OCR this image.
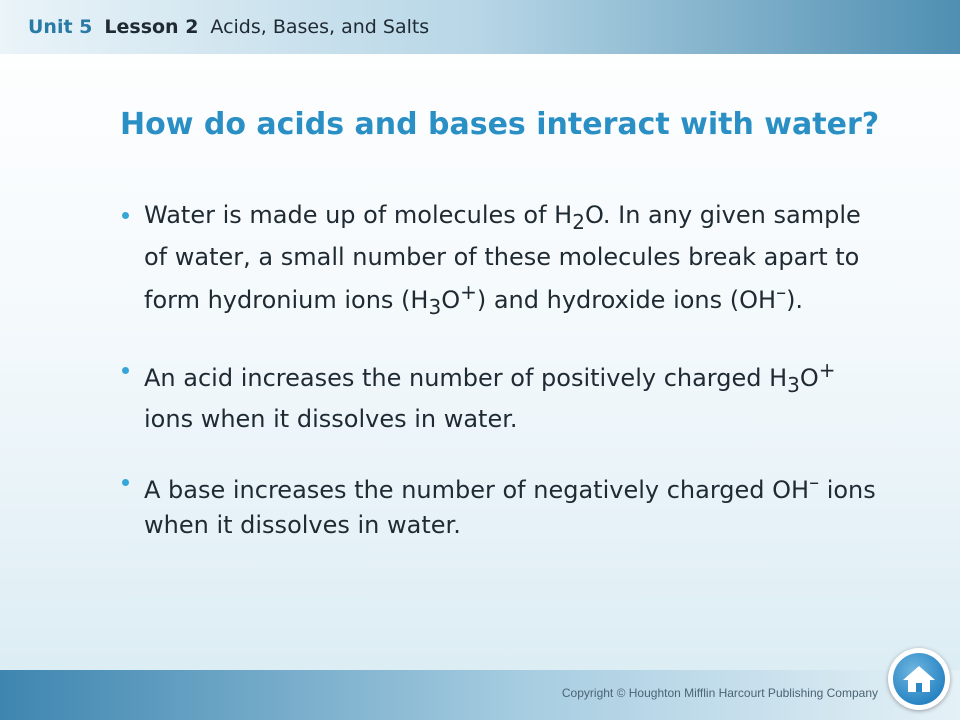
Unit 5 Lesson 2 Acids, Bases, and Salts
How do acids and bases interact with water?
Water is made up of molecules of $H_2O$. In any given sample of water, a small number of these molecules break apart to form hydronium ions $(H_3O^+)$ and hydroxide ions (OH–).
An acid increases the number of positively charged $H_3O^+$ ions when it dissolves in water.
A base increases the number of negatively charged OH– ions when it dissolves in water.
Copyright © Houghton Mifflin Harcourt Publishing Company
